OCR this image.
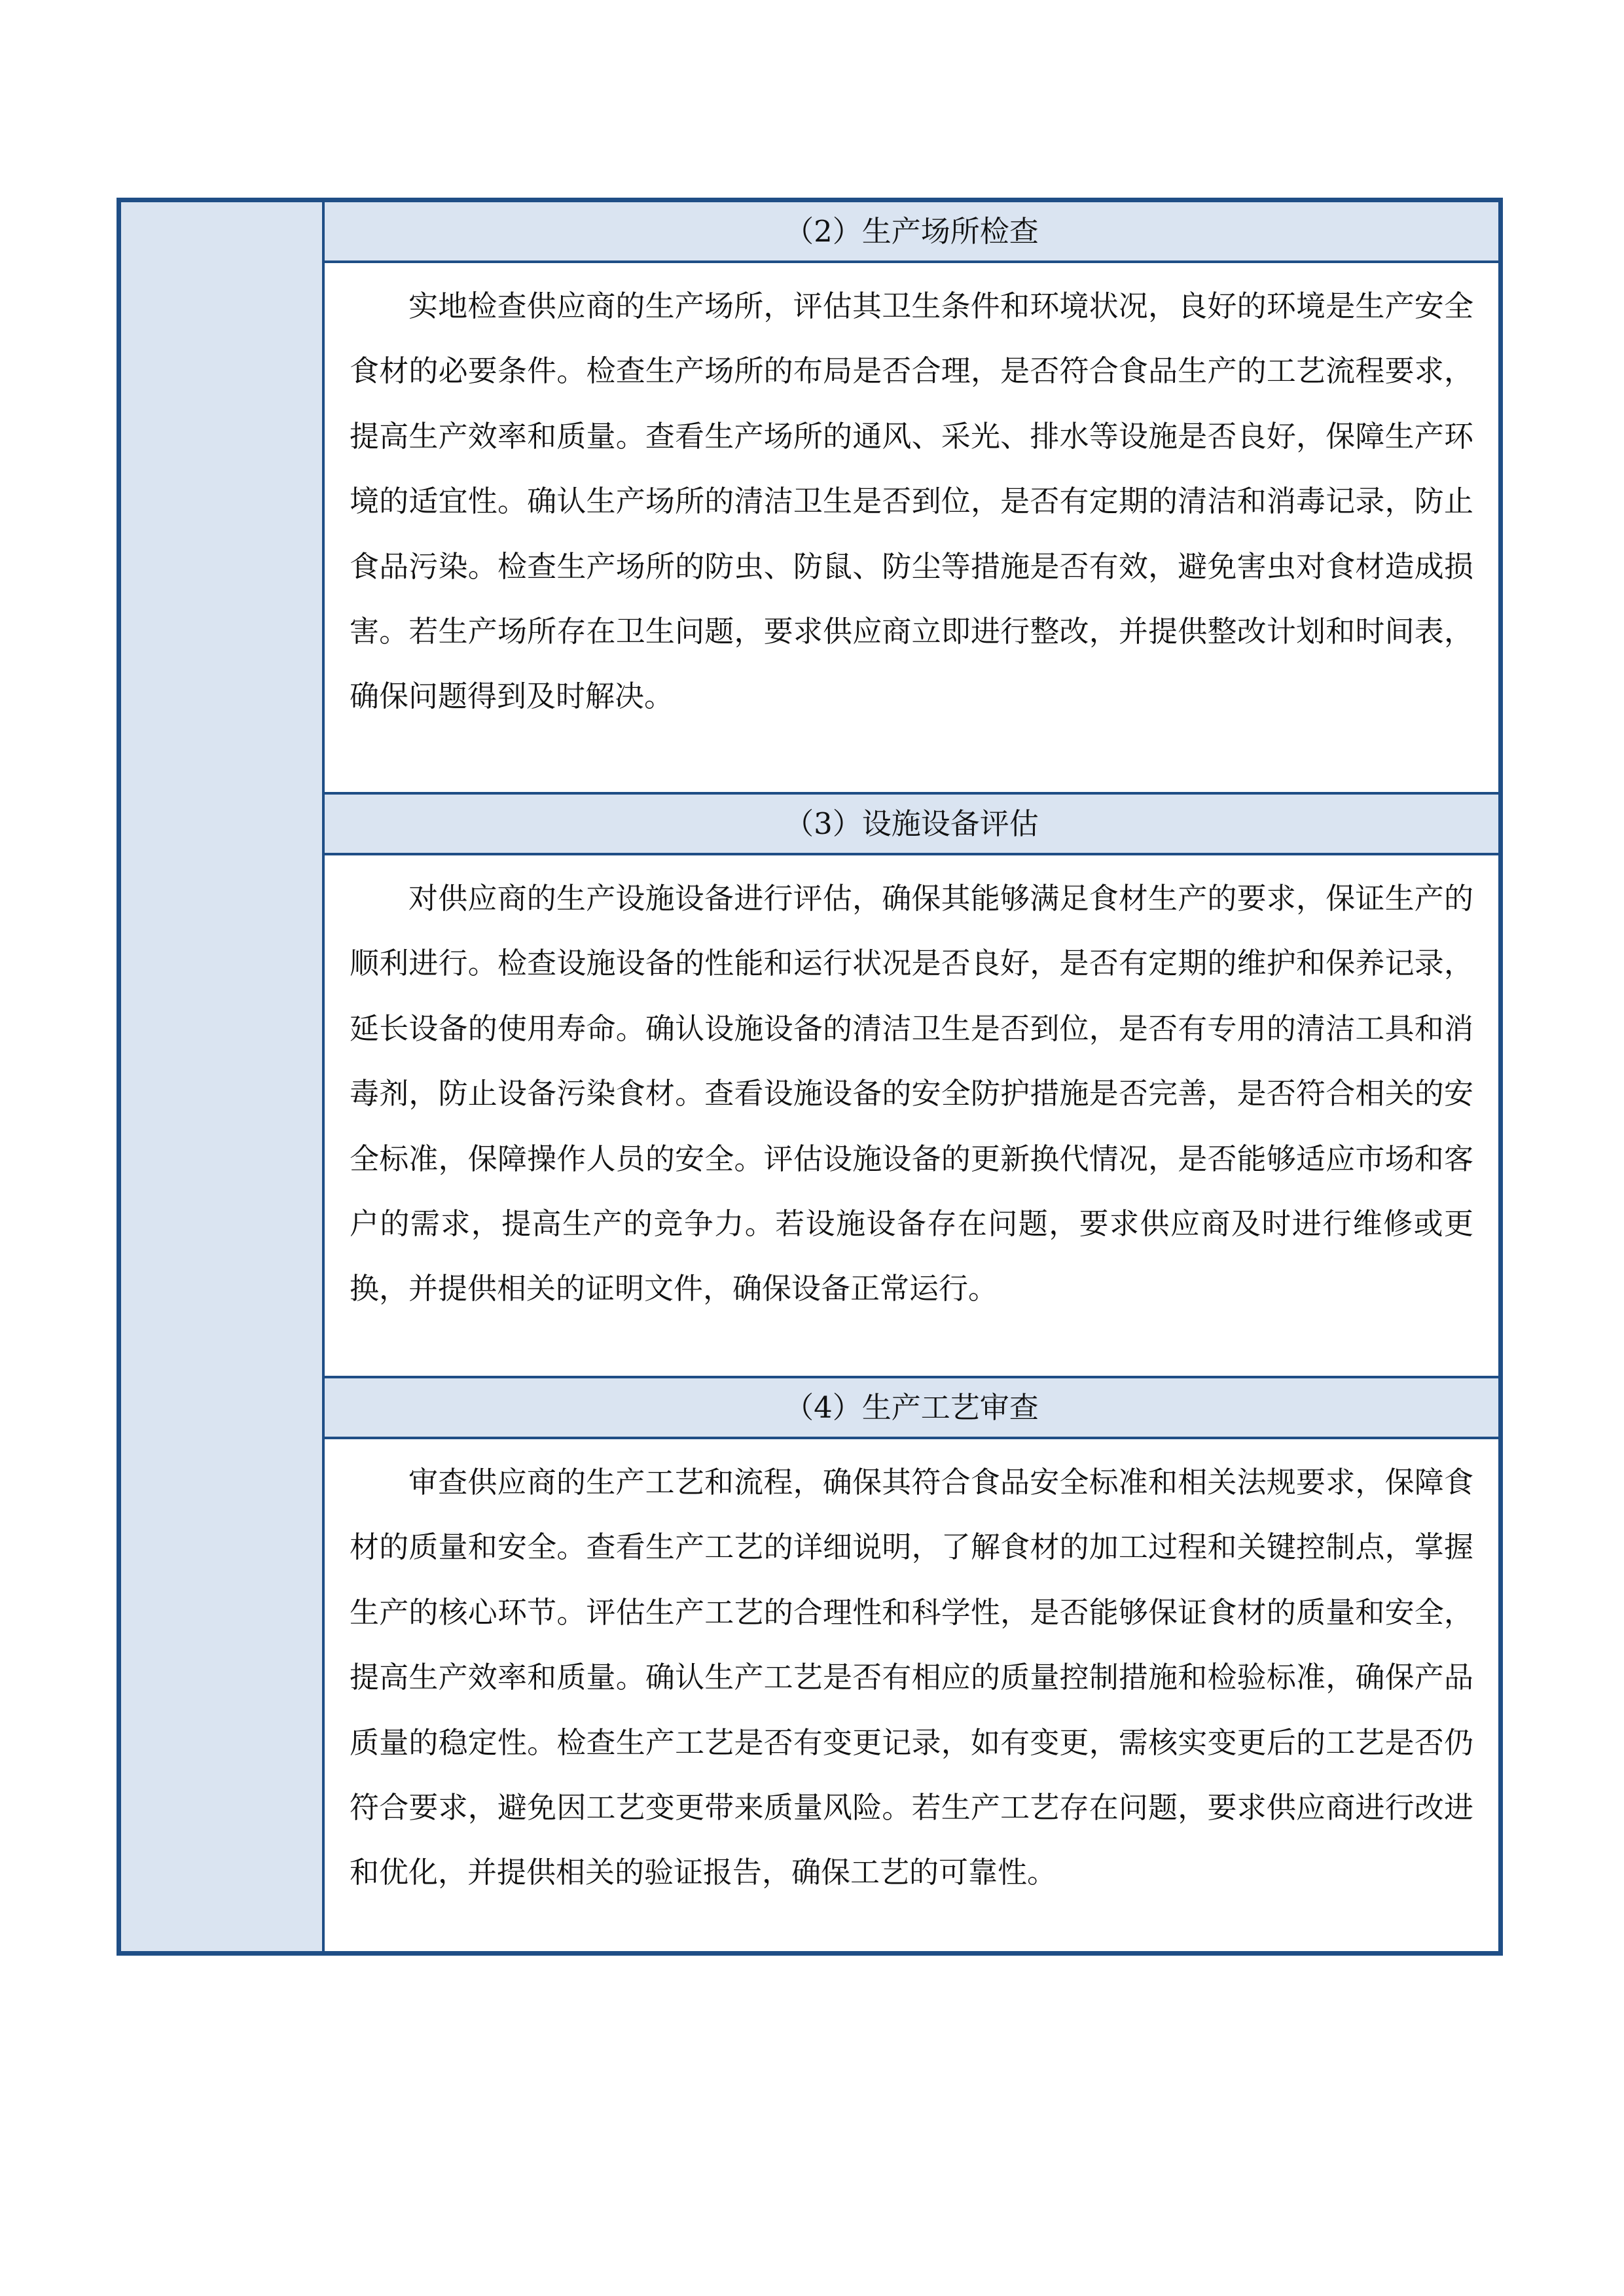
（2）生产场所检查
实地检查供应商的生产场所，评估其卫生条件和环境状况，良好的环境是生产安全食材的必要条件。检查生产场所的布局是否合理，是否符合食品生产的工艺流程要求，提高生产效率和质量。查看生产场所的通风、采光、排水等设施是否良好，保障生产环境的适宜性。确认生产场所的清洁卫生是否到位，是否有定期的清洁和消毒记录，防止食品污染。检查生产场所的防虫、防鼠、防尘等措施是否有效，避免害虫对食材造成损害。若生产场所存在卫生问题，要求供应商立即进行整改，并提供整改计划和时间表，确保问题得到及时解决。
（3）设施设备评估
对供应商的生产设施设备进行评估，确保其能够满足食材生产的要求，保证生产的顺利进行。检查设施设备的性能和运行状况是否良好，是否有定期的维护和保养记录，延长设备的使用寿命。确认设施设备的清洁卫生是否到位，是否有专用的清洁工具和消毒剂，防止设备污染食材。查看设施设备的安全防护措施是否完善，是否符合相关的安全标准，保障操作人员的安全。评估设施设备的更新换代情况，是否能够适应市场和客户的需求，提高生产的竞争力。若设施设备存在问题，要求供应商及时进行维修或更换，并提供相关的证明文件，确保设备正常运行。
（4）生产工艺审查
审查供应商的生产工艺和流程，确保其符合食品安全标准和相关法规要求，保障食材的质量和安全。查看生产工艺的详细说明，了解食材的加工过程和关键控制点，掌握生产的核心环节。评估生产工艺的合理性和科学性，是否能够保证食材的质量和安全，提高生产效率和质量。确认生产工艺是否有相应的质量控制措施和检验标准，确保产品质量的稳定性。检查生产工艺是否有变更记录，如有变更，需核实变更后的工艺是否仍符合要求，避免因工艺变更带来质量风险。若生产工艺存在问题，要求供应商进行改进和优化，并提供相关的验证报告，确保工艺的可靠性。
